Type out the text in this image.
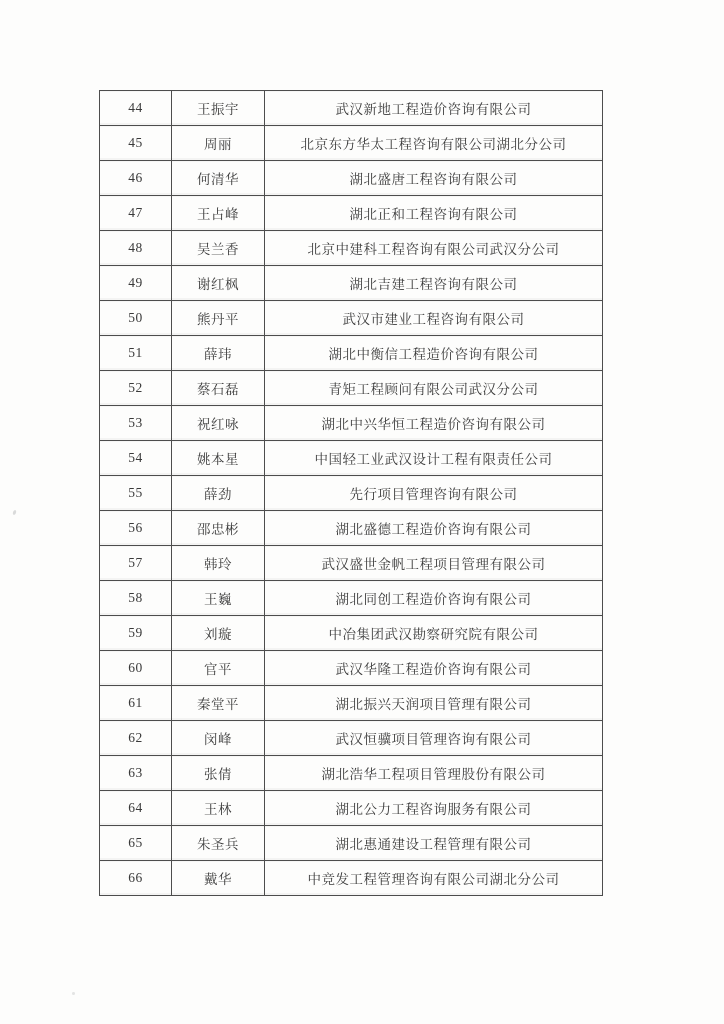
44	王振宇	武汉新地工程造价咨询有限公司
45	周丽	北京东方华太工程咨询有限公司湖北分公司
46	何清华	湖北盛唐工程咨询有限公司
47	王占峰	湖北正和工程咨询有限公司
48	吴兰香	北京中建科工程咨询有限公司武汉分公司
49	谢红枫	湖北吉建工程咨询有限公司
50	熊丹平	武汉市建业工程咨询有限公司
51	薛玮	湖北中衡信工程造价咨询有限公司
52	蔡石磊	青矩工程顾问有限公司武汉分公司
53	祝红咏	湖北中兴华恒工程造价咨询有限公司
54	姚本星	中国轻工业武汉设计工程有限责任公司
55	薛劲	先行项目管理咨询有限公司
56	邵忠彬	湖北盛德工程造价咨询有限公司
57	韩玲	武汉盛世金帆工程项目管理有限公司
58	王巍	湖北同创工程造价咨询有限公司
59	刘璇	中冶集团武汉勘察研究院有限公司
60	官平	武汉华隆工程造价咨询有限公司
61	秦堂平	湖北振兴天润项目管理有限公司
62	闵峰	武汉恒骥项目管理咨询有限公司
63	张倩	湖北浩华工程项目管理股份有限公司
64	王林	湖北公力工程咨询服务有限公司
65	朱圣兵	湖北惠通建设工程管理有限公司
66	戴华	中竞发工程管理咨询有限公司湖北分公司
